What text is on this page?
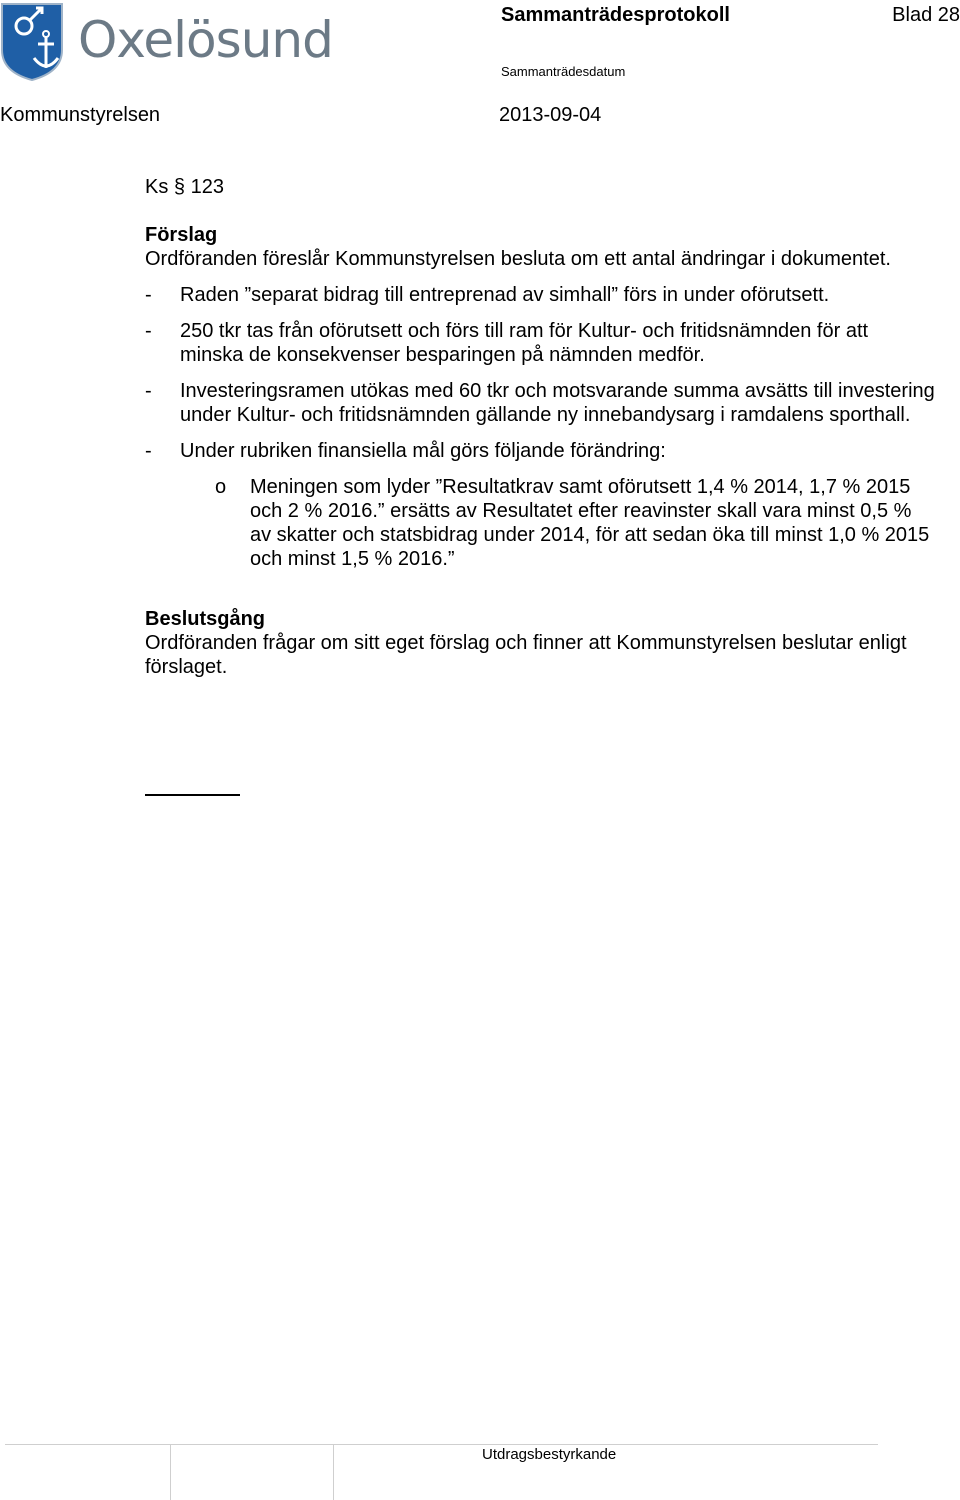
Oxelösund	Sammanträdesprotokoll	Blad 28
Sammanträdesdatum
Kommunstyrelsen	2013-09-04

Ks § 123

Förslag

Ordföranden föreslår Kommunstyrelsen besluta om ett antal ändringar i dokumentet.

- Raden ”separat bidrag till entreprenad av simhall” förs in under oförutsett.
- 250 tkr tas från oförutsett och förs till ram för Kultur- och fritidsnämnden för att minska de konsekvenser besparingen på nämnden medför.
- Investeringsramen utökas med 60 tkr och motsvarande summa avsätts till investering under Kultur- och fritidsnämnden gällande ny innebandysarg i ramdalens sporthall.
- Under rubriken finansiella mål görs följande förändring:
o Meningen som lyder ”Resultatkrav samt oförutsett 1,4 % 2014, 1,7 % 2015 och 2 % 2016.” ersätts av Resultatet efter reavinster skall vara minst 0,5 % av skatter och statsbidrag under 2014, för att sedan öka till minst 1,0 % 2015 och minst 1,5 % 2016.”

Beslutsgång

Ordföranden frågar om sitt eget förslag och finner att Kommunstyrelsen beslutar enligt förslaget.

Utdragsbestyrkande
